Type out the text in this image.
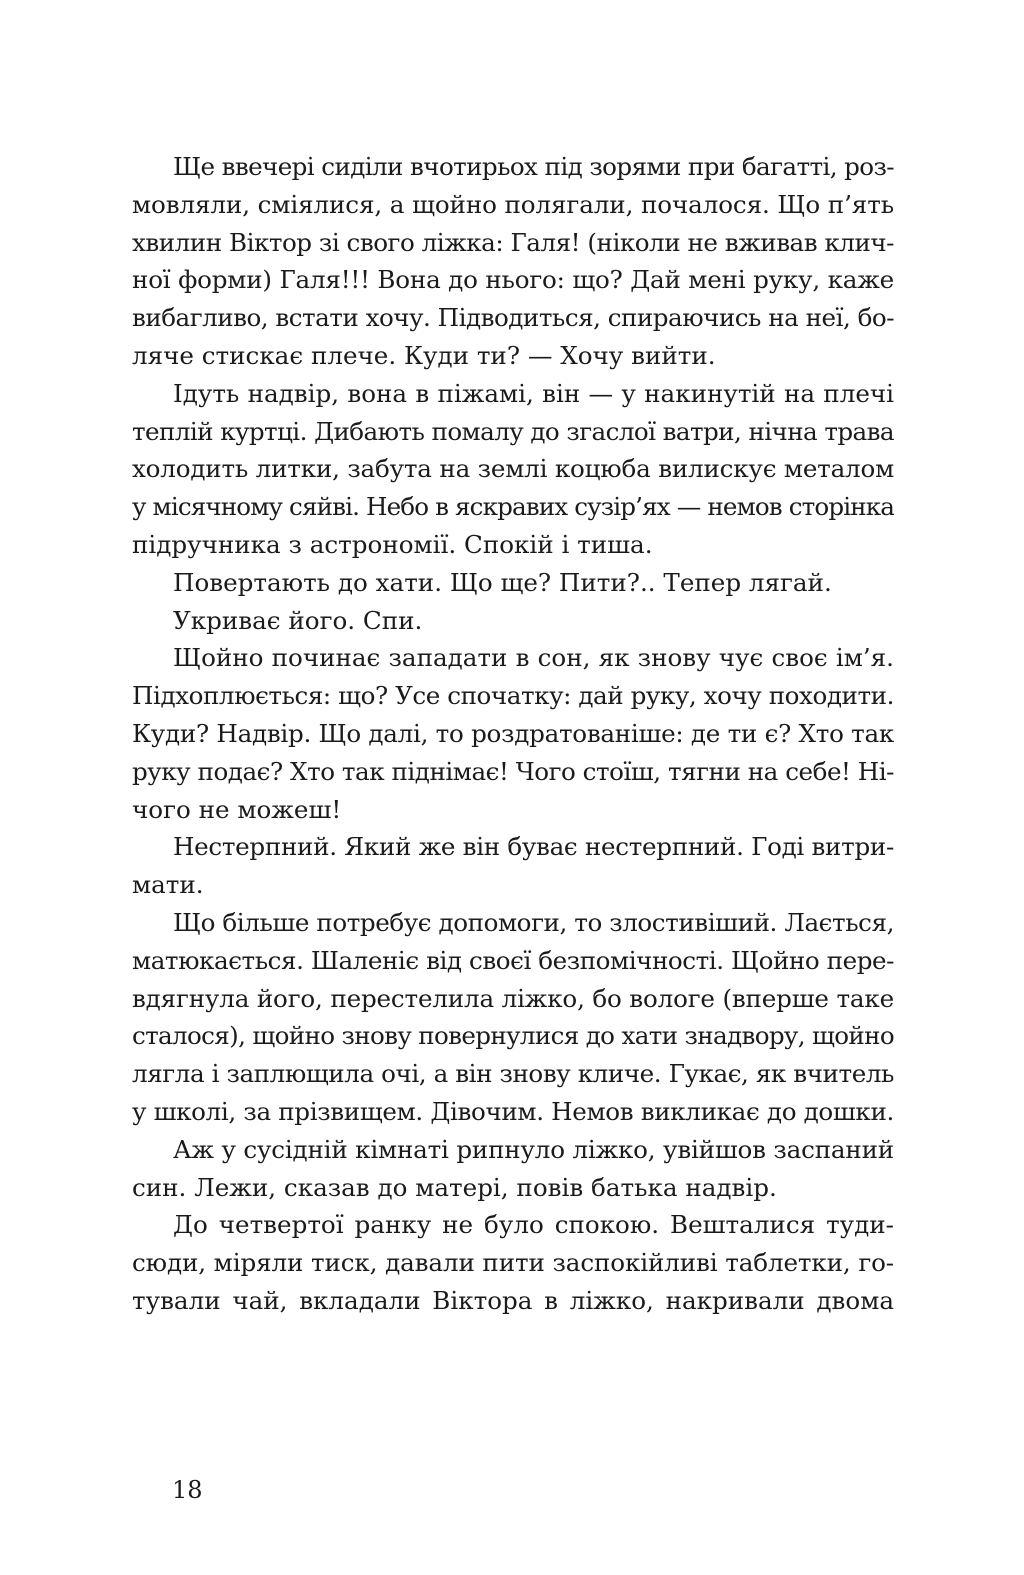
Ще ввечері сиділи вчотирьох під зорями при багатті, роз-
мовляли, сміялися, а щойно полягали, почалося. Що п’ять
хвилин Віктор зі свого ліжка: Галя! (ніколи не вживав клич-
ної форми) Галя!!! Вона до нього: що? Дай мені руку, каже
вибагливо, встати хочу. Підводиться, спираючись на неї, бо-
ляче стискає плече. Куди ти? — Хочу вийти.
Ідуть надвір, вона в піжамі, він — у накинутій на плечі
теплій куртці. Дибають помалу до згаслої ватри, нічна трава
холодить литки, забута на землі коцюба вилискує металом
у місячному сяйві. Небо в яскравих сузір’ях — немов сторінка
підручника з астрономії. Спокій і тиша.
Повертають до хати. Що ще? Пити?.. Тепер лягай.
Укриває його. Спи.
Щойно починає западати в сон, як знову чує своє ім’я.
Підхоплюється: що? Усе спочатку: дай руку, хочу походити.
Куди? Надвір. Що далі, то роздратованіше: де ти є? Хто так
руку подає? Хто так піднімає! Чого стоїш, тягни на себе! Ні-
чого не можеш!
Нестерпний. Який же він буває нестерпний. Годі витри-
мати.
Що більше потребує допомоги, то злостивіший. Лається,
матюкається. Шаленіє від своєї безпомічності. Щойно пере-
вдягнула його, перестелила ліжко, бо вологе (вперше таке
сталося), щойно знову повернулися до хати знадвору, щойно
лягла і заплющила очі, а він знову кличе. Гукає, як вчитель
у школі, за прізвищем. Дівочим. Немов викликає до дошки.
Аж у сусідній кімнаті рипнуло ліжко, увійшов заспаний
син. Лежи, сказав до матері, повів батька надвір.
До четвертої ранку не було спокою. Вешталися туди-
сюди, міряли тиск, давали пити заспокійливі таблетки, го-
тували чай, вкладали Віктора в ліжко, накривали двома
18
